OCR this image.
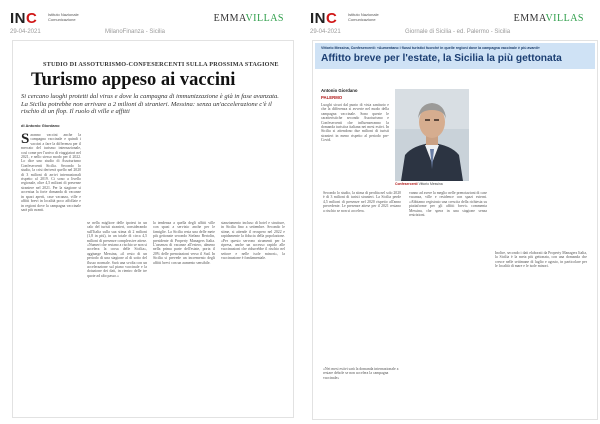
INC	Istituto Nazionale Comunicazione	EMMAVILLAS
29-04-2021	MilanoFinanza - Sicilia
STUDIO DI ASSOTURISMO-CONFESERCENTI SULLA PROSSIMA STAGIONE
Turismo appeso ai vaccini
Si cercano luoghi protetti dal virus e dove la campagna di immunizzazione è già in fase avanzata. La Sicilia potrebbe non arrivare a 2 milioni di stranieri. Messina: senza un'accelerazione c'è il rischio di un flop. Il ruolo di ville e affitti
di Antonio Giordano
Saranno vaccini anche la campagna vaccinale e quindi i vaccini a fare la differenza per il mercato del turismo internazionale, così come per l'arrivo di viaggiatori nel 2021, e nello stesso modo per il 2022. Lo dice uno studio di Assoturismo Confesercenti Sicilia. Secondo lo studio, la crisi deriverà quello nel 2020 di 3 milioni di arrivi internazionali rispetto al 2019. Ci sono a livello regionale, oltre 4,5 milioni di presenze straniere nel 2021. Per la stagione si accentua la forte domanda di vacanze in spazi aperti, case vacanza, ville e affitti brevi in località poco affollate e in regioni dove la campagna vaccinale sarà più avanti.
se nella migliore delle ipotesi in un calo del turisti stranieri, considerando sull'Italia sulla sua stima di 2 milioni (1,8 in più), in un totale di circa 4,5 milioni di presenze complessive attese. «Numeri che restano a rischio se non si accelera la corsa delle Sicilia», aggiunge Messina, «il resto di un periodo di una stagione al di sotto del flusso normale. Sarà una svolta con un accelerazione sul piano vaccinale e la dotazione dei dati, in rientro delle tre quote ad alto passo.»
la tendenza a quella degli affitti ville con spazi a servizio anche per le famiglie. La Sicilia resta una delle mete più gettonate secondo Stefano Bertolin, presidente di Property Managers Italia. L'assenza di vacanze all'estero, almeno nella prima parte dell'estate, porta il 20% delle prenotazioni verso il Sud. In Sicilia si prevede un incremento degli affitti brevi con un aumento sensibile.
stanziamento incluso di hotel e strutture, in Sicilia fino a settembre. Secondo le stime, si attende il recupero nel 2022 e rapidamente la fiducia della popolazione. «Per questo servono strumenti per la ripresa, anche un accesso rapido alle vaccinazioni che ridurrebbe il rischio nel settore e nelle isole minori», la vaccinazione è fondamentale.
INC	Istituto Nazionale Comunicazione	EMMAVILLAS
29-04-2021	Giornale di Sicilia - ed. Palermo - Sicilia
Vittorio Messina, Confesercenti: «Aumentano i flussi turistici fuorché in quelle regioni dove la campagna vaccinale è più avanti»
Affitto breve per l'estate, la Sicilia la più gettonata
Antonio Giordano
PALERMO
Luoghi sicuri dal punto di vista sanitario e che la differenza si avverte nel modo della campagna vaccinale. Sono queste le caratteristiche secondo Assoturismo e Confesercenti che influenzeranno la domanda turistica italiana nei mesi estivi. In Sicilia si attendono due milioni di turisti stranieri in meno rispetto al periodo pre-Covid.
Confesercenti Vittorio Messina
Secondo lo studio, la stima di perdita nel solo 2020 è di 3 milioni di turisti stranieri. La Sicilia perde 4,5 milioni di presenze nel 2020 rispetto all'anno precedente. Le presenze attese per il 2021 restano a rischio se non si accelera.
«Nei mesi estivi sarà la domanda internazionale a restare debole se non accelera la campagna vaccinale»
vanno ad avere la meglio nelle prenotazioni di case vacanza, ville e residence con spazi esterni. «Abbiamo registrato una crescita della richiesta su piattaforme per gli affitti brevi» commenta Messina, che spera in una stagione senza restrizioni.
Inoltre, secondo i dati elaborati da Property Managers Italia, la Sicilia è la meta più gettonata, con una domanda che cresce nelle settimane di luglio e agosto, in particolare per le località di mare e le isole minori.
